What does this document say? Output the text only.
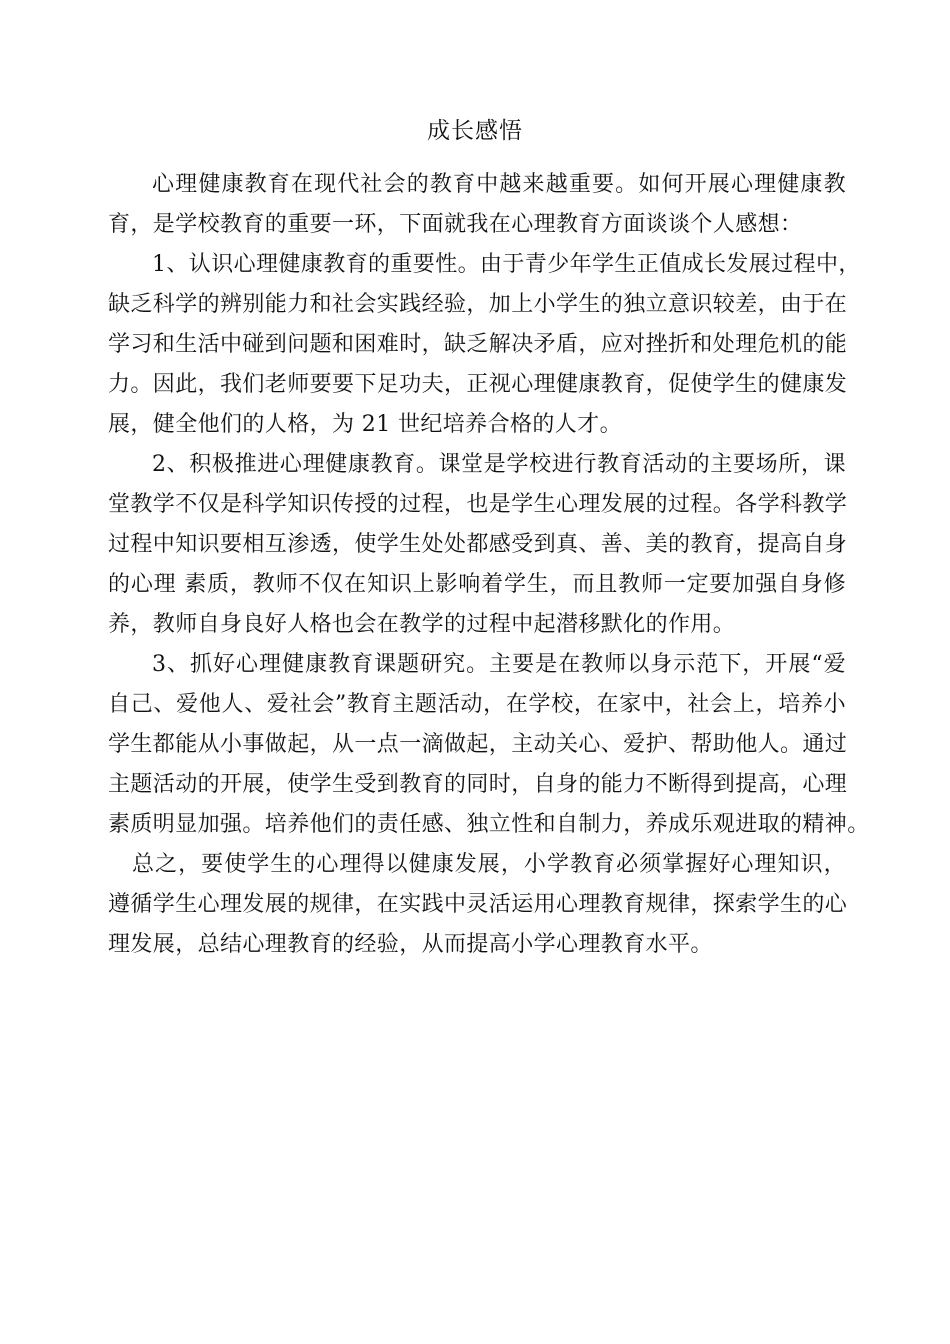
成长感悟

心理健康教育在现代社会的教育中越来越重要。如何开展心理健康教
育，是学校教育的重要一环，下面就我在心理教育方面谈谈个人感想：

1、认识心理健康教育的重要性。由于青少年学生正值成长发展过程中，
缺乏科学的辨别能力和社会实践经验，加上小学生的独立意识较差，由于在
学习和生活中碰到问题和困难时，缺乏解决矛盾，应对挫折和处理危机的能
力。因此，我们老师要要下足功夫，正视心理健康教育，促使学生的健康发
展，健全他们的人格，为 21 世纪培养合格的人才。

2、积极推进心理健康教育。课堂是学校进行教育活动的主要场所，课
堂教学不仅是科学知识传授的过程，也是学生心理发展的过程。各学科教学
过程中知识要相互渗透，使学生处处都感受到真、善、美的教育，提高自身
的心理 素质，教师不仅在知识上影响着学生，而且教师一定要加强自身修
养，教师自身良好人格也会在教学的过程中起潜移默化的作用。

3、抓好心理健康教育课题研究。主要是在教师以身示范下，开展“爱
自己、爱他人、爱社会”教育主题活动，在学校，在家中，社会上，培养小
学生都能从小事做起，从一点一滴做起，主动关心、爱护、帮助他人。通过
主题活动的开展，使学生受到教育的同时，自身的能力不断得到提高，心理
素质明显加强。培养他们的责任感、独立性和自制力，养成乐观进取的精神。

总之，要使学生的心理得以健康发展，小学教育必须掌握好心理知识，
遵循学生心理发展的规律，在实践中灵活运用心理教育规律，探索学生的心
理发展，总结心理教育的经验，从而提高小学心理教育水平。
